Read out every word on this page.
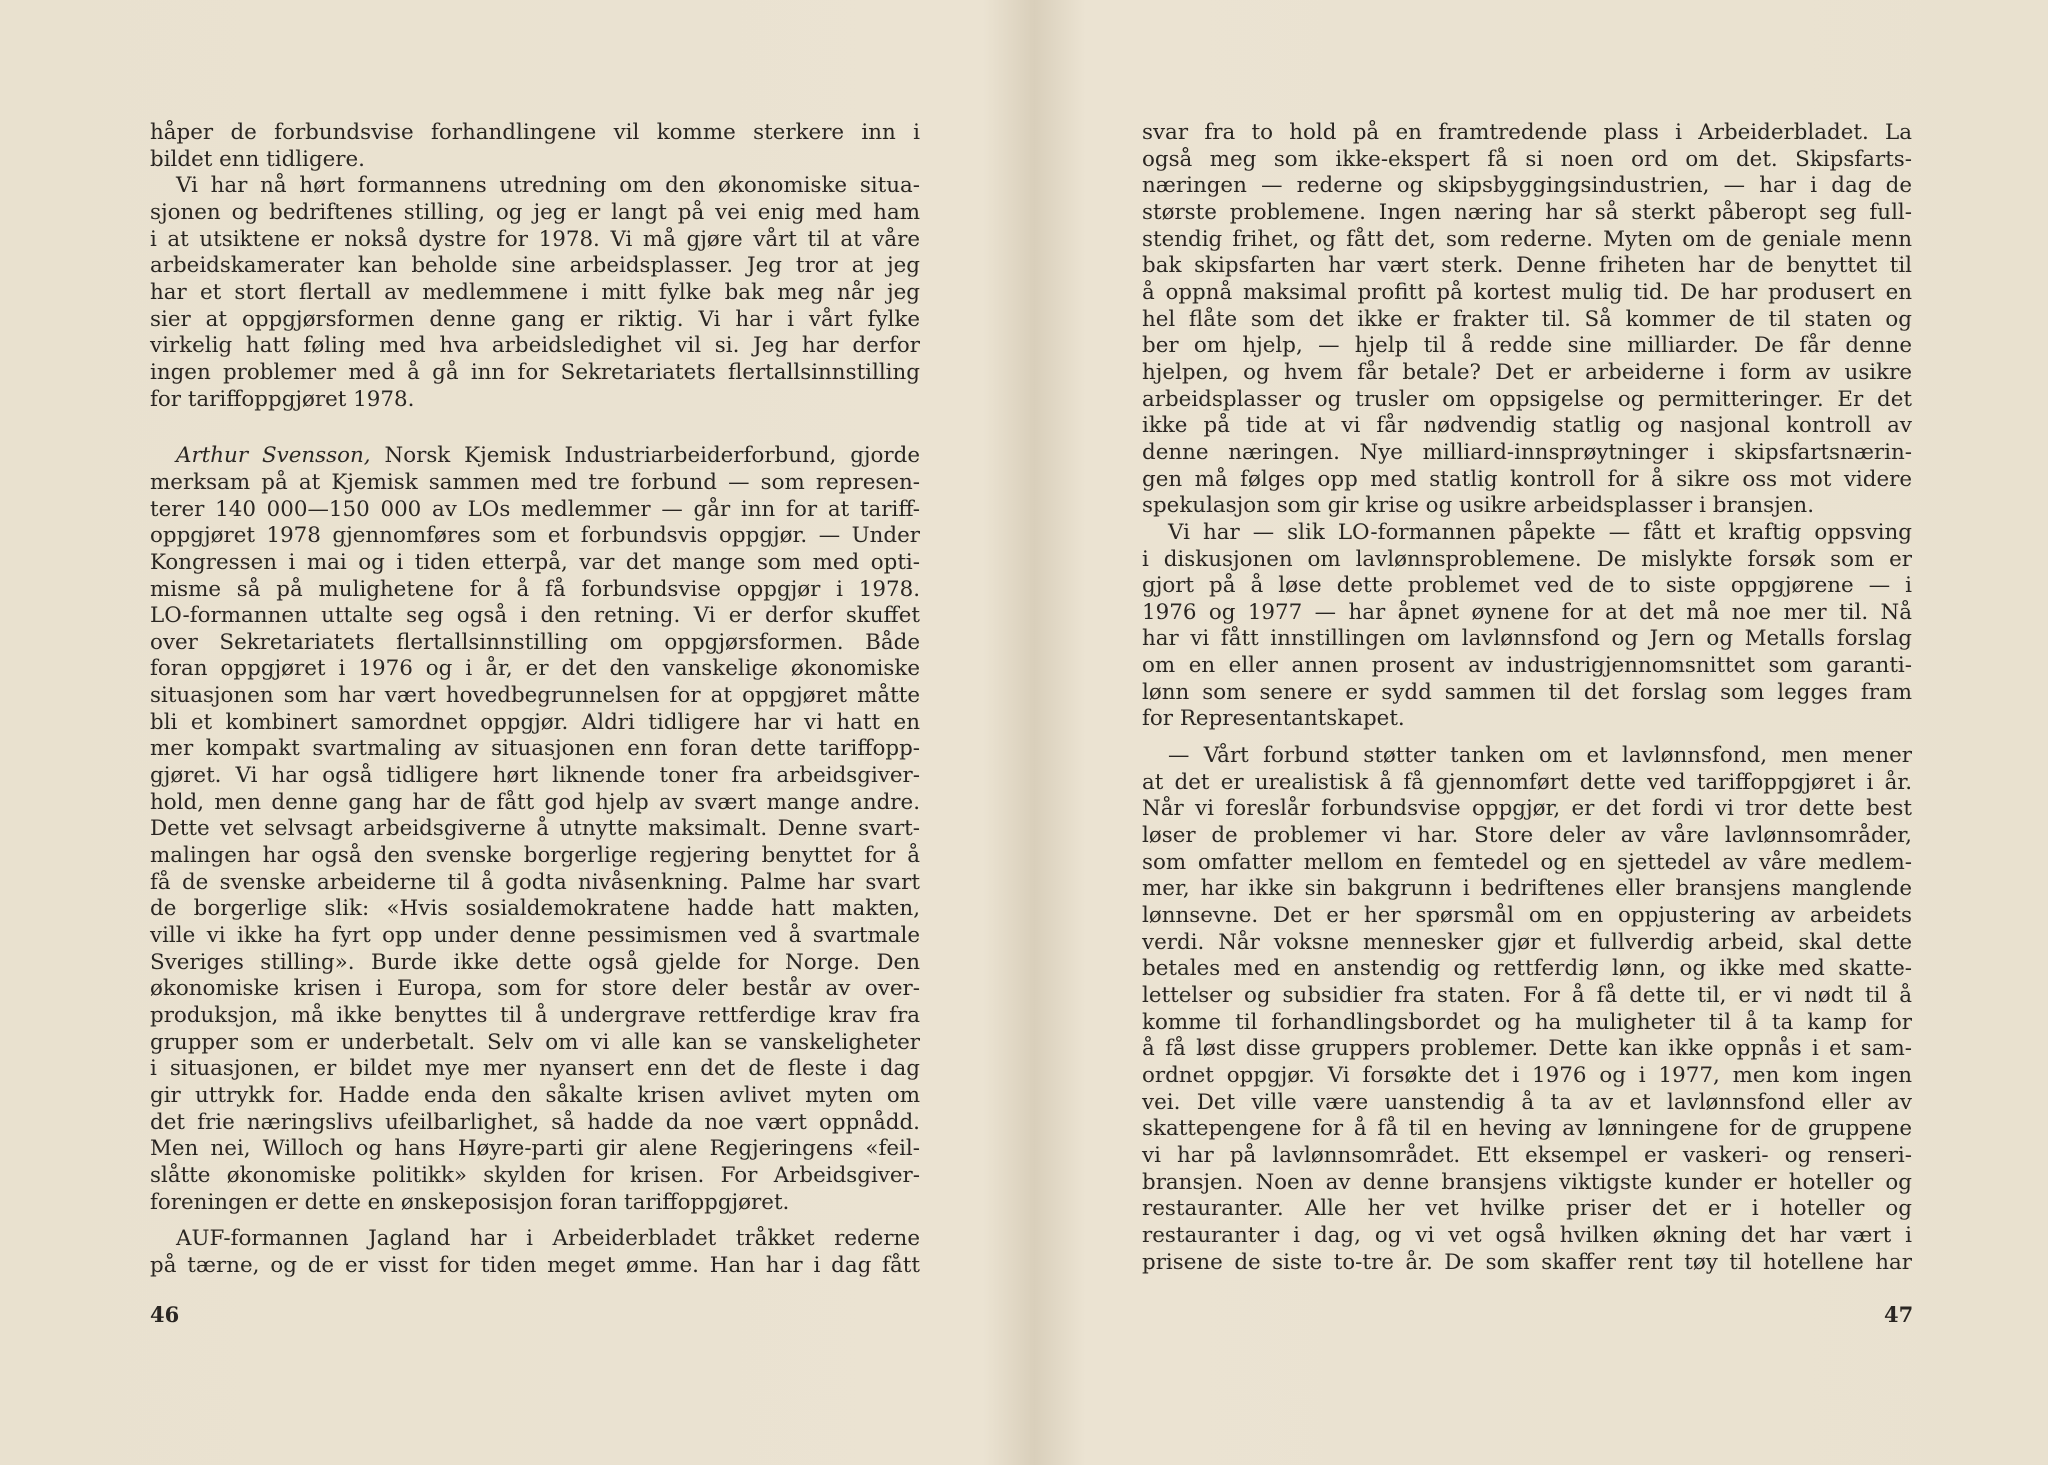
håper de forbundsvise forhandlingene vil komme sterkere inn i
bildet enn tidligere.
Vi har nå hørt formannens utredning om den økonomiske situa-
sjonen og bedriftenes stilling, og jeg er langt på vei enig med ham
i at utsiktene er nokså dystre for 1978. Vi må gjøre vårt til at våre
arbeidskamerater kan beholde sine arbeidsplasser. Jeg tror at jeg
har et stort flertall av medlemmene i mitt fylke bak meg når jeg
sier at oppgjørsformen denne gang er riktig. Vi har i vårt fylke
virkelig hatt føling med hva arbeidsledighet vil si. Jeg har derfor
ingen problemer med å gå inn for Sekretariatets flertallsinnstilling
for tariffoppgjøret 1978.
Arthur Svensson, Norsk Kjemisk Industriarbeiderforbund, gjorde
merksam på at Kjemisk sammen med tre forbund — som represen-
terer 140 000—150 000 av LOs medlemmer — går inn for at tariff-
oppgjøret 1978 gjennomføres som et forbundsvis oppgjør. — Under
Kongressen i mai og i tiden etterpå, var det mange som med opti-
misme så på mulighetene for å få forbundsvise oppgjør i 1978.
LO-formannen uttalte seg også i den retning. Vi er derfor skuffet
over Sekretariatets flertallsinnstilling om oppgjørsformen. Både
foran oppgjøret i 1976 og i år, er det den vanskelige økonomiske
situasjonen som har vært hovedbegrunnelsen for at oppgjøret måtte
bli et kombinert samordnet oppgjør. Aldri tidligere har vi hatt en
mer kompakt svartmaling av situasjonen enn foran dette tariffopp-
gjøret. Vi har også tidligere hørt liknende toner fra arbeidsgiver-
hold, men denne gang har de fått god hjelp av svært mange andre.
Dette vet selvsagt arbeidsgiverne å utnytte maksimalt. Denne svart-
malingen har også den svenske borgerlige regjering benyttet for å
få de svenske arbeiderne til å godta nivåsenkning. Palme har svart
de borgerlige slik: «Hvis sosialdemokratene hadde hatt makten,
ville vi ikke ha fyrt opp under denne pessimismen ved å svartmale
Sveriges stilling». Burde ikke dette også gjelde for Norge. Den
økonomiske krisen i Europa, som for store deler består av over-
produksjon, må ikke benyttes til å undergrave rettferdige krav fra
grupper som er underbetalt. Selv om vi alle kan se vanskeligheter
i situasjonen, er bildet mye mer nyansert enn det de fleste i dag
gir uttrykk for. Hadde enda den såkalte krisen avlivet myten om
det frie næringslivs ufeilbarlighet, så hadde da noe vært oppnådd.
Men nei, Willoch og hans Høyre-parti gir alene Regjeringens «feil-
slåtte økonomiske politikk» skylden for krisen. For Arbeidsgiver-
foreningen er dette en ønskeposisjon foran tariffoppgjøret.
AUF-formannen Jagland har i Arbeiderbladet tråkket rederne
på tærne, og de er visst for tiden meget ømme. Han har i dag fått
46
svar fra to hold på en framtredende plass i Arbeiderbladet. La
også meg som ikke-ekspert få si noen ord om det. Skipsfarts-
næringen — rederne og skipsbyggingsindustrien, — har i dag de
største problemene. Ingen næring har så sterkt påberopt seg full-
stendig frihet, og fått det, som rederne. Myten om de geniale menn
bak skipsfarten har vært sterk. Denne friheten har de benyttet til
å oppnå maksimal profitt på kortest mulig tid. De har produsert en
hel flåte som det ikke er frakter til. Så kommer de til staten og
ber om hjelp, — hjelp til å redde sine milliarder. De får denne
hjelpen, og hvem får betale? Det er arbeiderne i form av usikre
arbeidsplasser og trusler om oppsigelse og permitteringer. Er det
ikke på tide at vi får nødvendig statlig og nasjonal kontroll av
denne næringen. Nye milliard-innsprøytninger i skipsfartsnærin-
gen må følges opp med statlig kontroll for å sikre oss mot videre
spekulasjon som gir krise og usikre arbeidsplasser i bransjen.
Vi har — slik LO-formannen påpekte — fått et kraftig oppsving
i diskusjonen om lavlønnsproblemene. De mislykte forsøk som er
gjort på å løse dette problemet ved de to siste oppgjørene — i
1976 og 1977 — har åpnet øynene for at det må noe mer til. Nå
har vi fått innstillingen om lavlønnsfond og Jern og Metalls forslag
om en eller annen prosent av industrigjennomsnittet som garanti-
lønn som senere er sydd sammen til det forslag som legges fram
for Representantskapet.
— Vårt forbund støtter tanken om et lavlønnsfond, men mener
at det er urealistisk å få gjennomført dette ved tariffoppgjøret i år.
Når vi foreslår forbundsvise oppgjør, er det fordi vi tror dette best
løser de problemer vi har. Store deler av våre lavlønnsområder,
som omfatter mellom en femtedel og en sjettedel av våre medlem-
mer, har ikke sin bakgrunn i bedriftenes eller bransjens manglende
lønnsevne. Det er her spørsmål om en oppjustering av arbeidets
verdi. Når voksne mennesker gjør et fullverdig arbeid, skal dette
betales med en anstendig og rettferdig lønn, og ikke med skatte-
lettelser og subsidier fra staten. For å få dette til, er vi nødt til å
komme til forhandlingsbordet og ha muligheter til å ta kamp for
å få løst disse gruppers problemer. Dette kan ikke oppnås i et sam-
ordnet oppgjør. Vi forsøkte det i 1976 og i 1977, men kom ingen
vei. Det ville være uanstendig å ta av et lavlønnsfond eller av
skattepengene for å få til en heving av lønningene for de gruppene
vi har på lavlønnsområdet. Ett eksempel er vaskeri- og renseri-
bransjen. Noen av denne bransjens viktigste kunder er hoteller og
restauranter. Alle her vet hvilke priser det er i hoteller og
restauranter i dag, og vi vet også hvilken økning det har vært i
prisene de siste to-tre år. De som skaffer rent tøy til hotellene har
47
